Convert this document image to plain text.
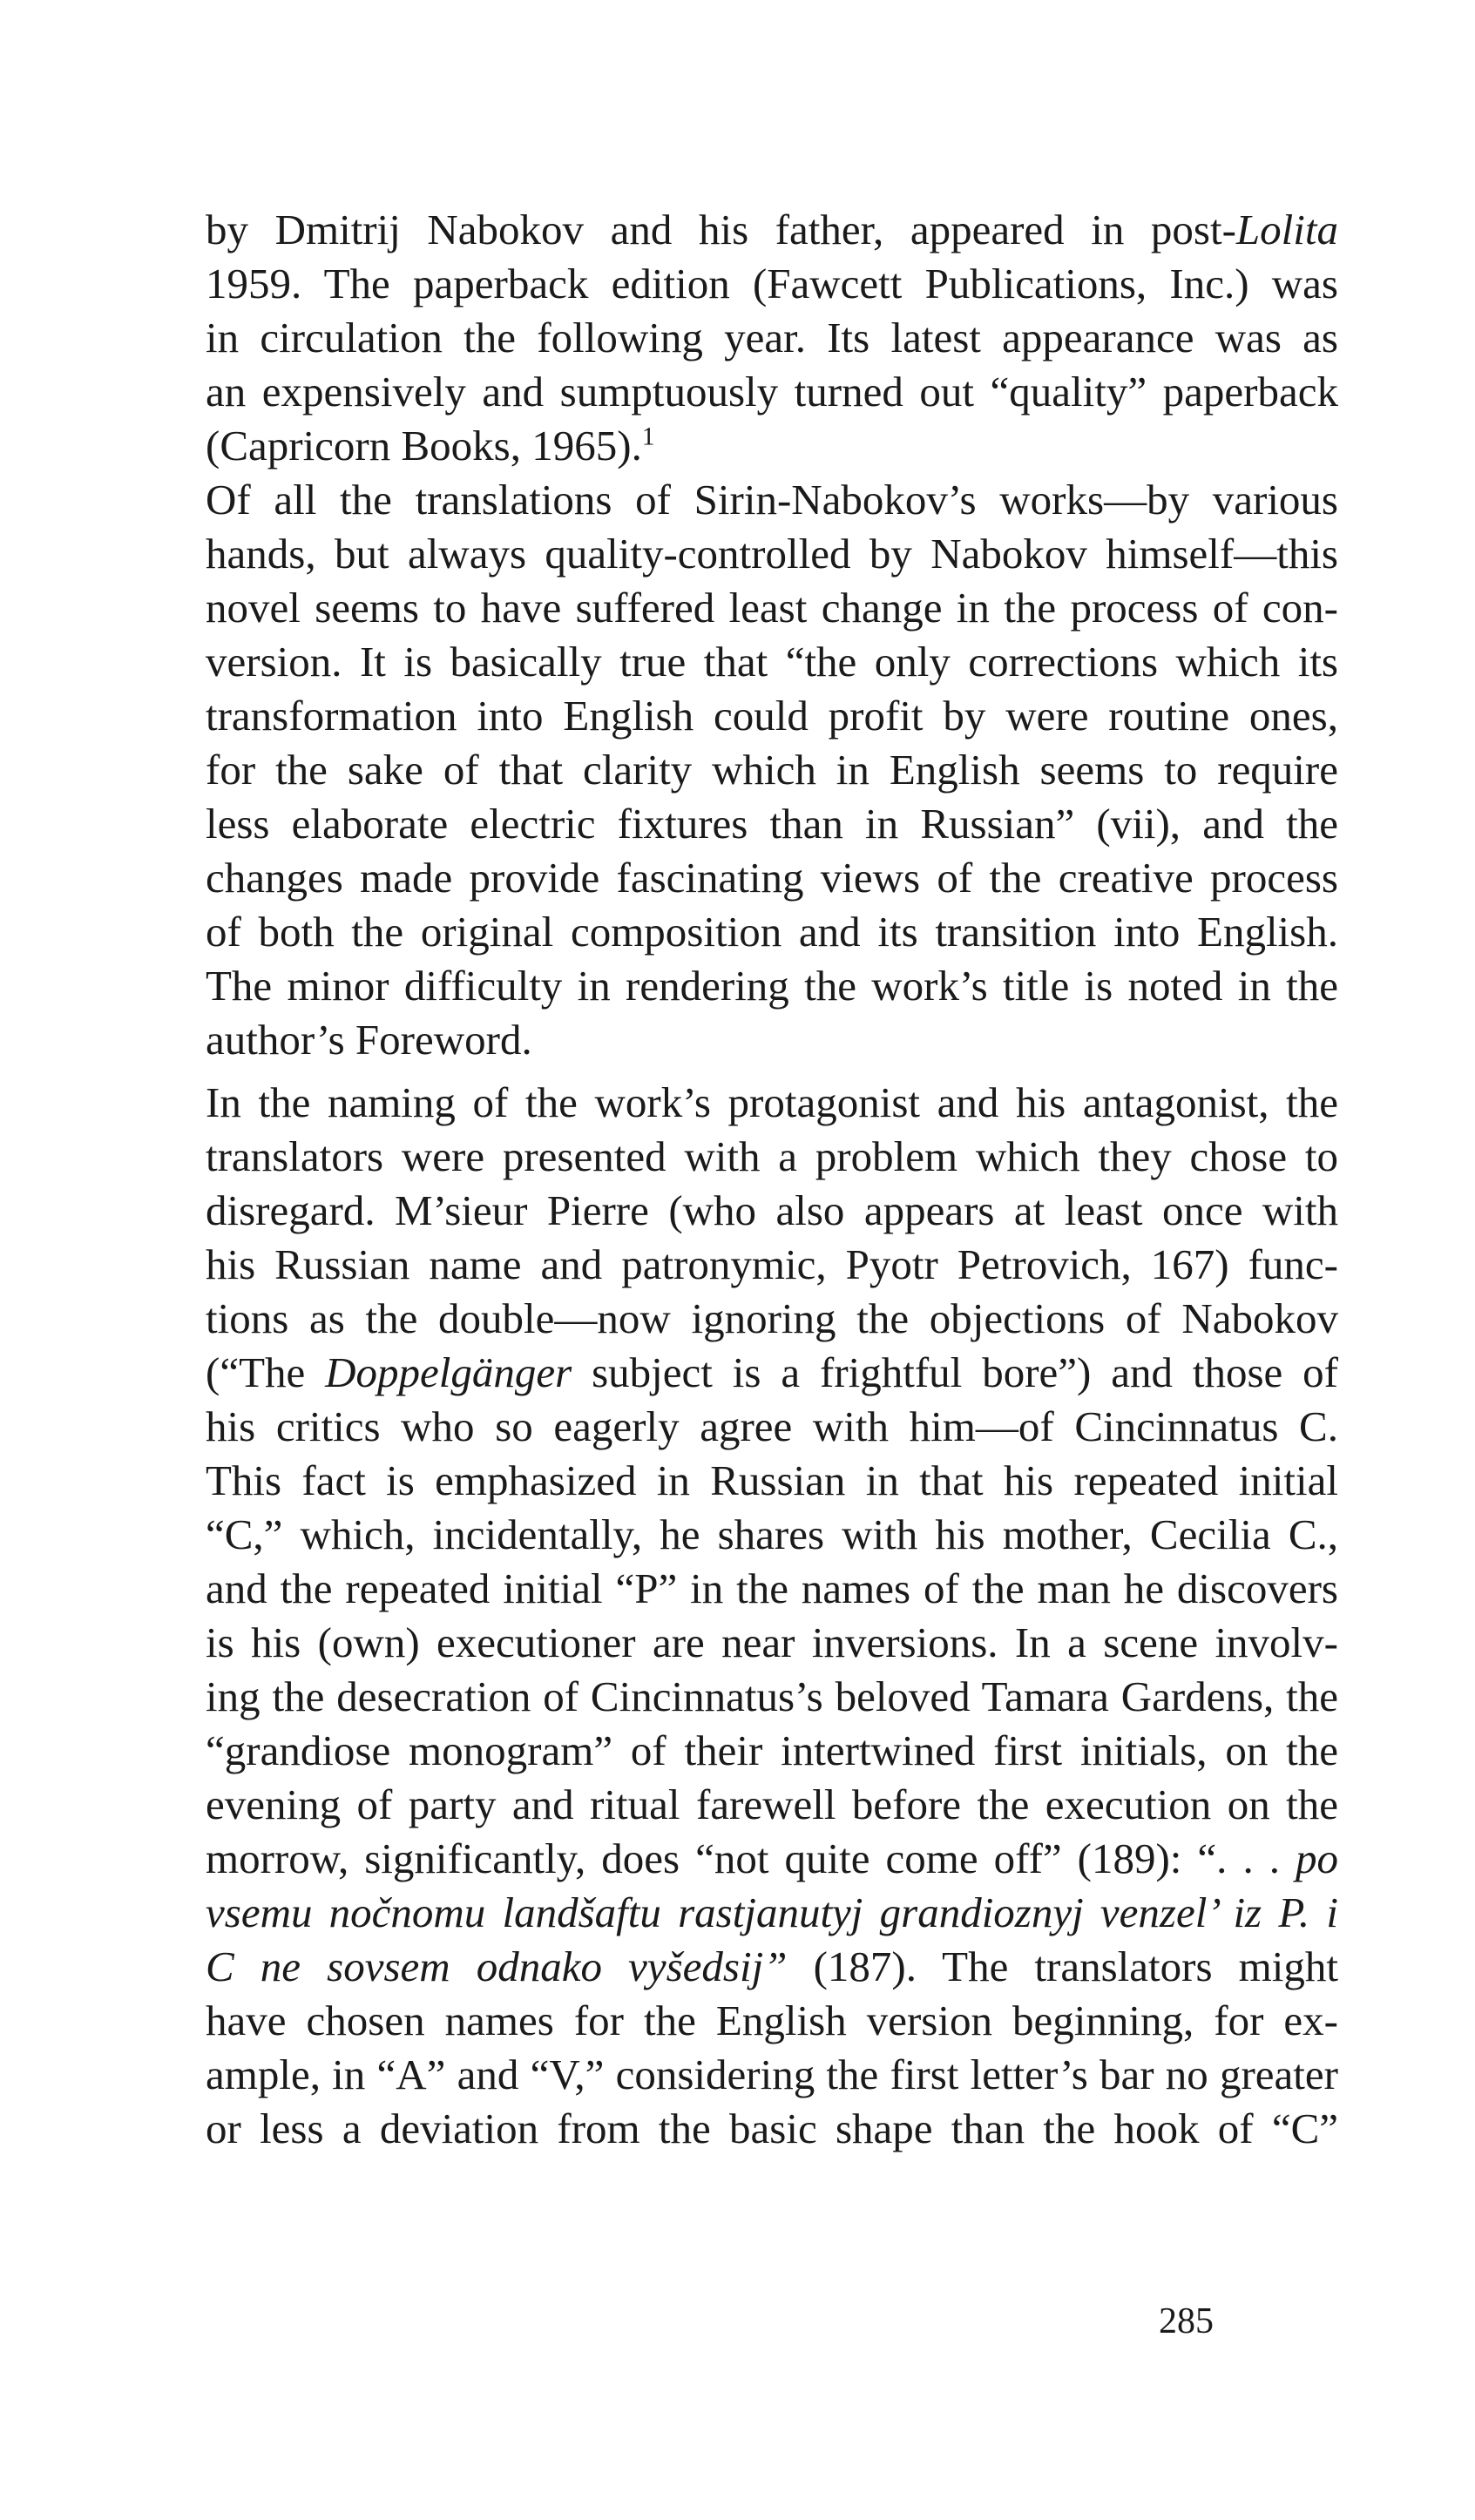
by Dmitrij Nabokov and his father, appeared in post-Lolita
1959. The paperback edition (Fawcett Publications, Inc.) was
in circulation the following year. Its latest appearance was as
an expensively and sumptuously turned out “quality” paperback
(Capricorn Books, 1965).$^1$
Of all the translations of Sirin-Nabokov’s works—by various
hands, but always quality-controlled by Nabokov himself—this
novel seems to have suffered least change in the process of con-
version. It is basically true that “the only corrections which its
transformation into English could profit by were routine ones,
for the sake of that clarity which in English seems to require
less elaborate electric fixtures than in Russian” (vii), and the
changes made provide fascinating views of the creative process
of both the original composition and its transition into English.
The minor difficulty in rendering the work’s title is noted in the
author’s Foreword.
In the naming of the work’s protagonist and his antagonist, the
translators were presented with a problem which they chose to
disregard. M’sieur Pierre (who also appears at least once with
his Russian name and patronymic, Pyotr Petrovich, 167) func-
tions as the double—now ignoring the objections of Nabokov
(“The Doppelgänger subject is a frightful bore”) and those of
his critics who so eagerly agree with him—of Cincinnatus C.
This fact is emphasized in Russian in that his repeated initial
“C,” which, incidentally, he shares with his mother, Cecilia C.,
and the repeated initial “P” in the names of the man he discovers
is his (own) executioner are near inversions. In a scene involv-
ing the desecration of Cincinnatus’s beloved Tamara Gardens, the
“grandiose monogram” of their intertwined first initials, on the
evening of party and ritual farewell before the execution on the
morrow, significantly, does “not quite come off” (189): “. . . po
vsemu nočnomu landšaftu rastjanutyj grandioznyj venzel’ iz P. i
C ne sovsem odnako vyšedsij” (187). The translators might
have chosen names for the English version beginning, for ex-
ample, in “A” and “V,” considering the first letter’s bar no greater
or less a deviation from the basic shape than the hook of “C”
285
